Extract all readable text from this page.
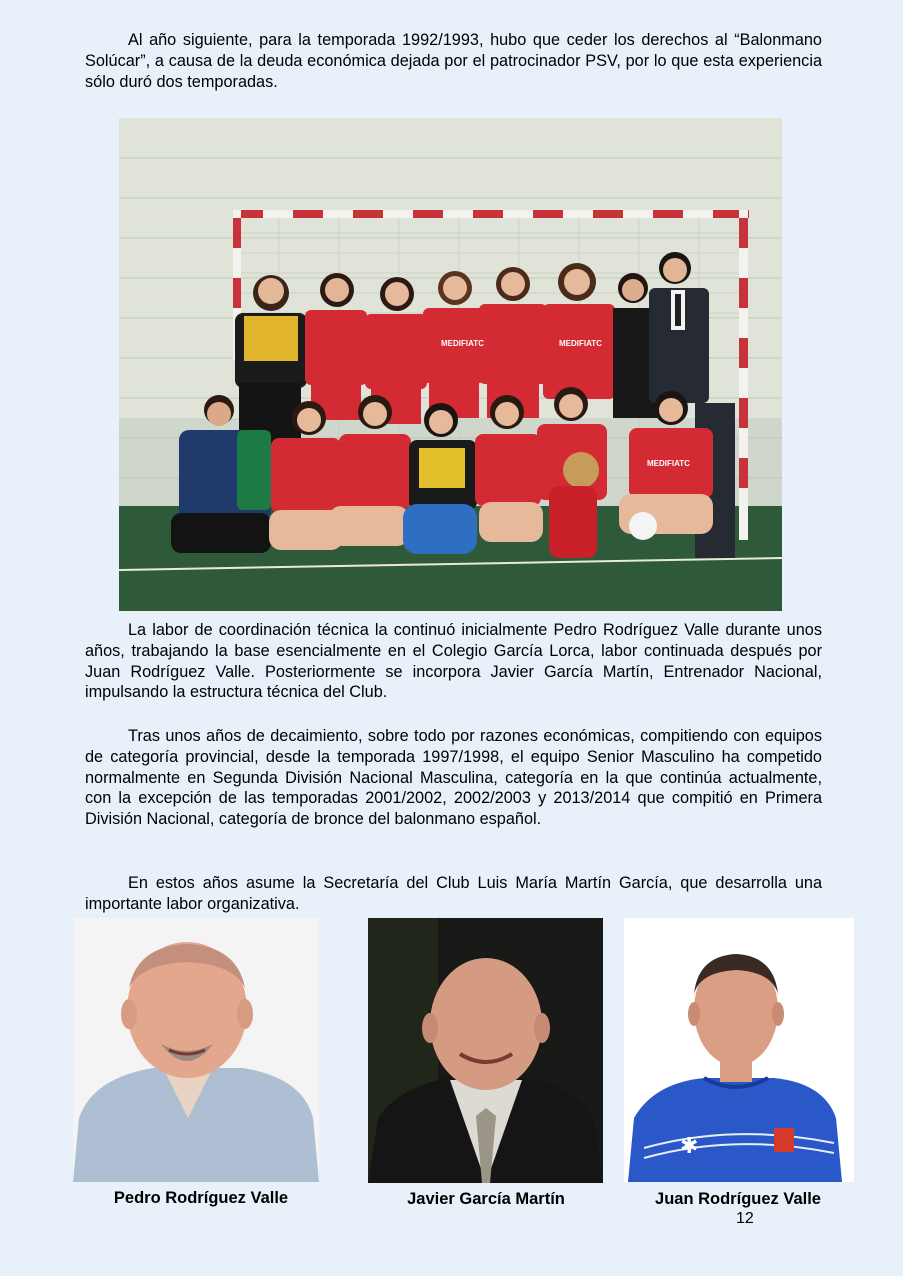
Al año siguiente, para la temporada 1992/1993, hubo que ceder los derechos al “Balonmano Solúcar”, a causa de la deuda económica dejada por el patrocinador PSV, por lo que esta experiencia sólo duró dos temporadas.

MEDIFIATC	MEDIFIATC
MEDIFIATC

La labor de coordinación técnica la continuó inicialmente Pedro Rodríguez Valle durante unos años, trabajando la base esencialmente en el Colegio García Lorca, labor continuada después por Juan Rodríguez Valle. Posteriormente se incorpora Javier García Martín, Entrenador Nacional, impulsando la estructura técnica del Club.

Tras unos años de decaimiento, sobre todo por razones económicas, compitiendo con equipos de categoría provincial, desde la temporada 1997/1998, el equipo Senior Masculino ha competido normalmente en Segunda División Nacional Masculina, categoría en la que continúa actualmente, con la excepción de las temporadas 2001/2002, 2002/2003 y 2013/2014 que compitió en Primera División Nacional, categoría de bronce del balonmano español.

En estos años asume la Secretaría del Club Luis María Martín García, que desarrolla una importante labor organizativa.

✱
Pedro Rodríguez Valle	Javier García Martín	Juan Rodríguez Valle
12
